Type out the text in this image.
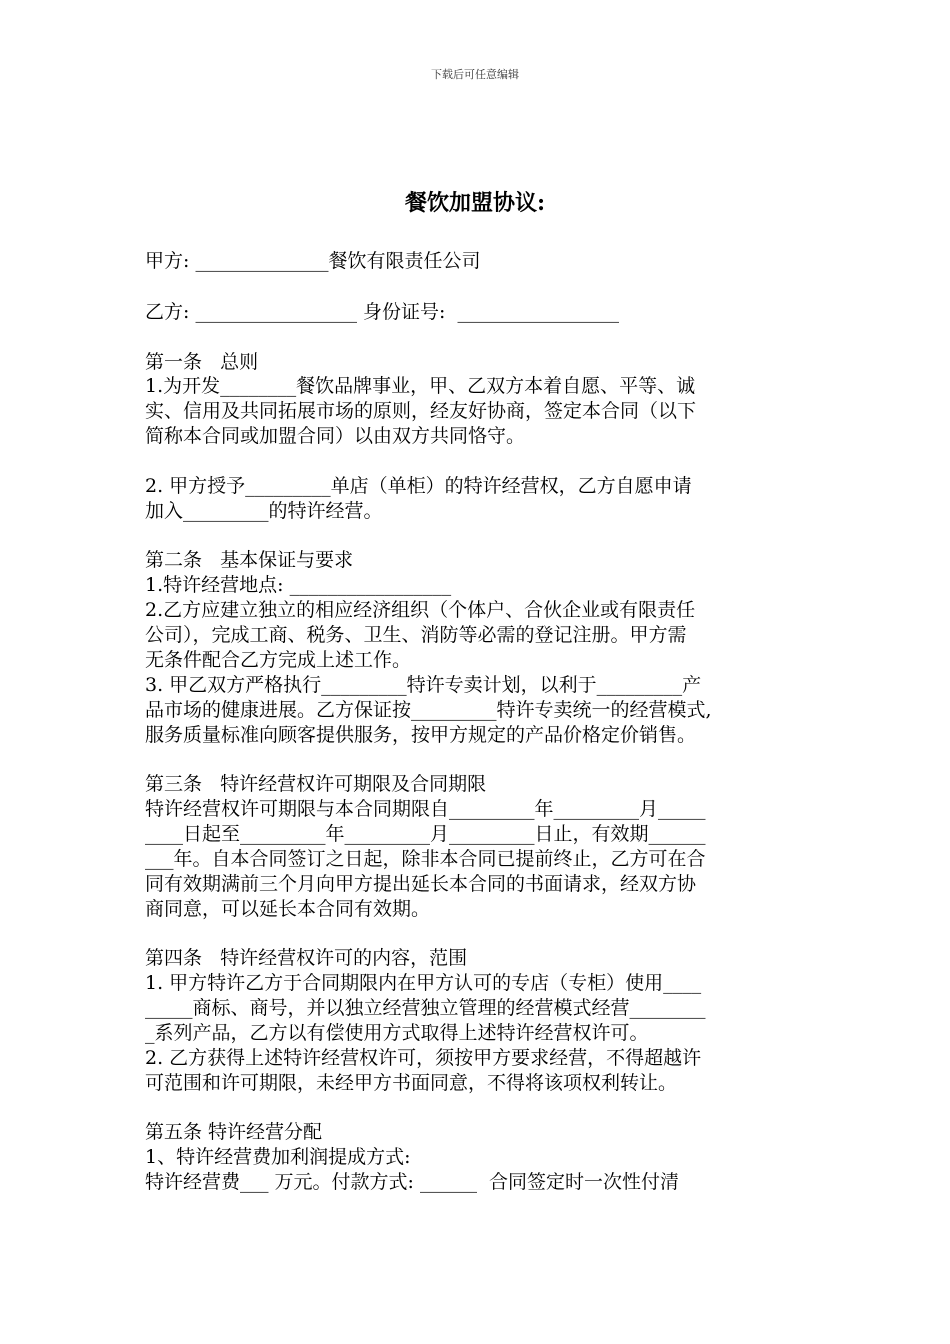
下载后可任意编辑
餐饮加盟协议:
甲方: ______________餐饮有限责任公司
乙方: _________________ 身份证号:  _________________
第一条   总则
1.为开发________餐饮品牌事业，甲、乙双方本着自愿、平等、诚
实、信用及共同拓展市场的原则，经友好协商，签定本合同（以下
简称本合同或加盟合同）以由双方共同恪守。
2. 甲方授予_________单店（单柜）的特许经营权，乙方自愿申请
加入_________的特许经营。
第二条   基本保证与要求
1.特许经营地点: _________________
2.乙方应建立独立的相应经济组织（个体户、合伙企业或有限责任
公司），完成工商、税务、卫生、消防等必需的登记注册。甲方需
无条件配合乙方完成上述工作。
3. 甲乙双方严格执行_________特许专卖计划，以利于_________产
品市场的健康进展。乙方保证按_________特许专卖统一的经营模式,
服务质量标准向顾客提供服务，按甲方规定的产品价格定价销售。
第三条   特许经营权许可期限及合同期限
特许经营权许可期限与本合同期限自_________年_________月_____
____日起至_________年_________月_________日止，有效期______
___年。自本合同签订之日起，除非本合同已提前终止，乙方可在合
同有效期满前三个月向甲方提出延长本合同的书面请求，经双方协
商同意，可以延长本合同有效期。
第四条   特许经营权许可的内容，范围
1. 甲方特许乙方于合同期限内在甲方认可的专店（专柜）使用____
_____商标、商号，并以独立经营独立管理的经营模式经营________
_系列产品，乙方以有偿使用方式取得上述特许经营权许可。
2. 乙方获得上述特许经营权许可，须按甲方要求经营，不得超越许
可范围和许可期限，未经甲方书面同意，不得将该项权利转让。
第五条 特许经营分配
1、特许经营费加利润提成方式:
特许经营费___ 万元。付款方式: ______  合同签定时一次性付清
